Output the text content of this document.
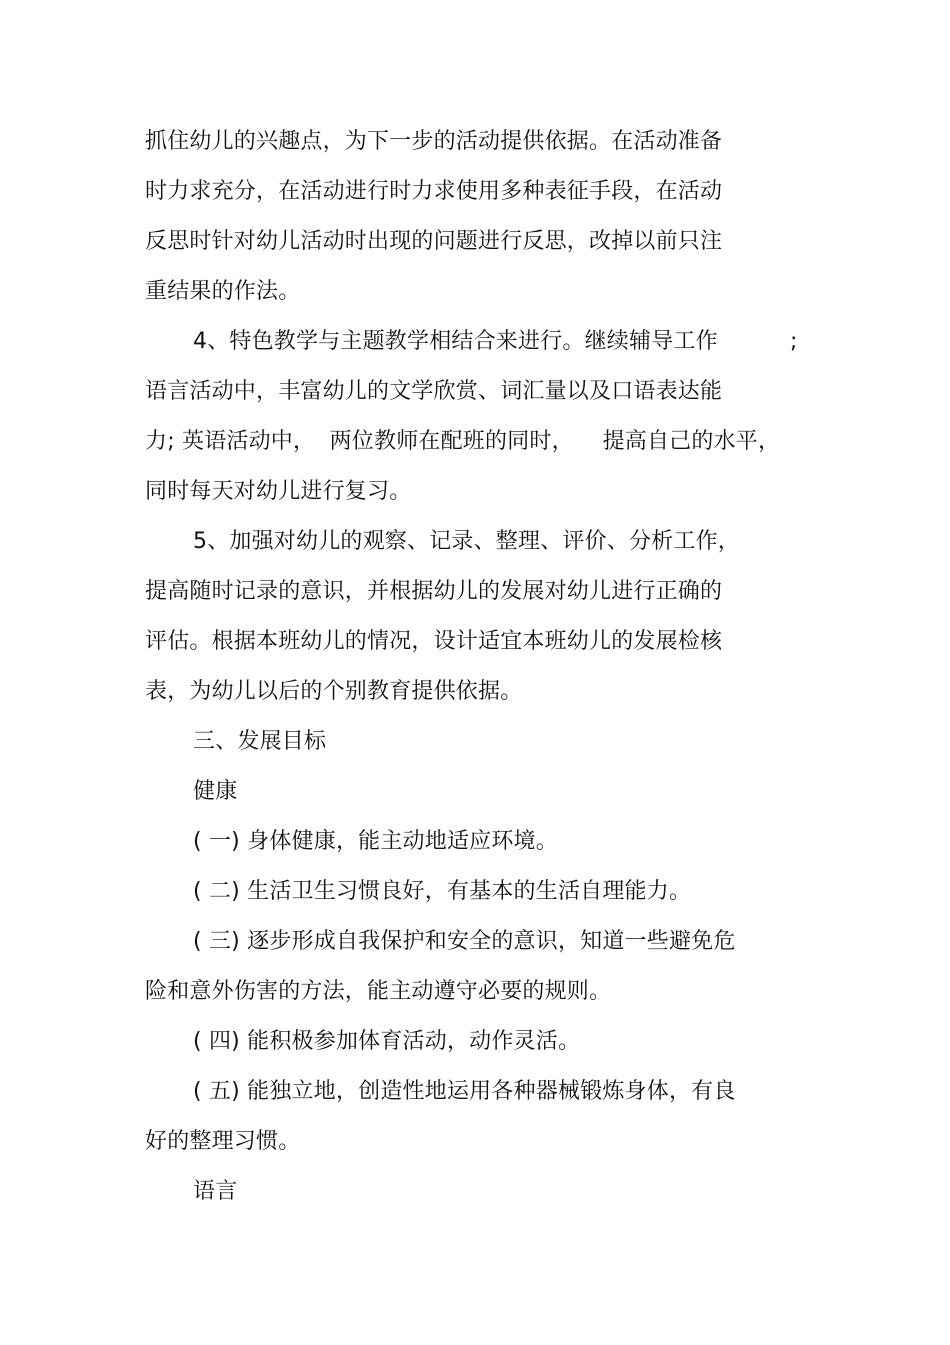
抓住幼儿的兴趣点，为下一步的活动提供依据。在活动准备
时力求充分，在活动进行时力求使用多种表征手段，在活动
反思时针对幼儿活动时出现的问题进行反思，改掉以前只注
重结果的作法。
4、特色教学与主题教学相结合来进行。继续辅导工作	;
语言活动中，丰富幼儿的文学欣赏、词汇量以及口语表达能
力; 英语活动中，  两位教师在配班的同时，    提高自己的水平，
同时每天对幼儿进行复习。
5、加强对幼儿的观察、记录、整理、评价、分析工作，
提高随时记录的意识，并根据幼儿的发展对幼儿进行正确的
评估。根据本班幼儿的情况，设计适宜本班幼儿的发展检核
表，为幼儿以后的个别教育提供依据。
三、发展目标
健康
( 一) 身体健康，能主动地适应环境。
( 二) 生活卫生习惯良好，有基本的生活自理能力。
( 三) 逐步形成自我保护和安全的意识，知道一些避免危
险和意外伤害的方法，能主动遵守必要的规则。
( 四) 能积极参加体育活动，动作灵活。
( 五) 能独立地，创造性地运用各种器械锻炼身体，有良
好的整理习惯。
语言
